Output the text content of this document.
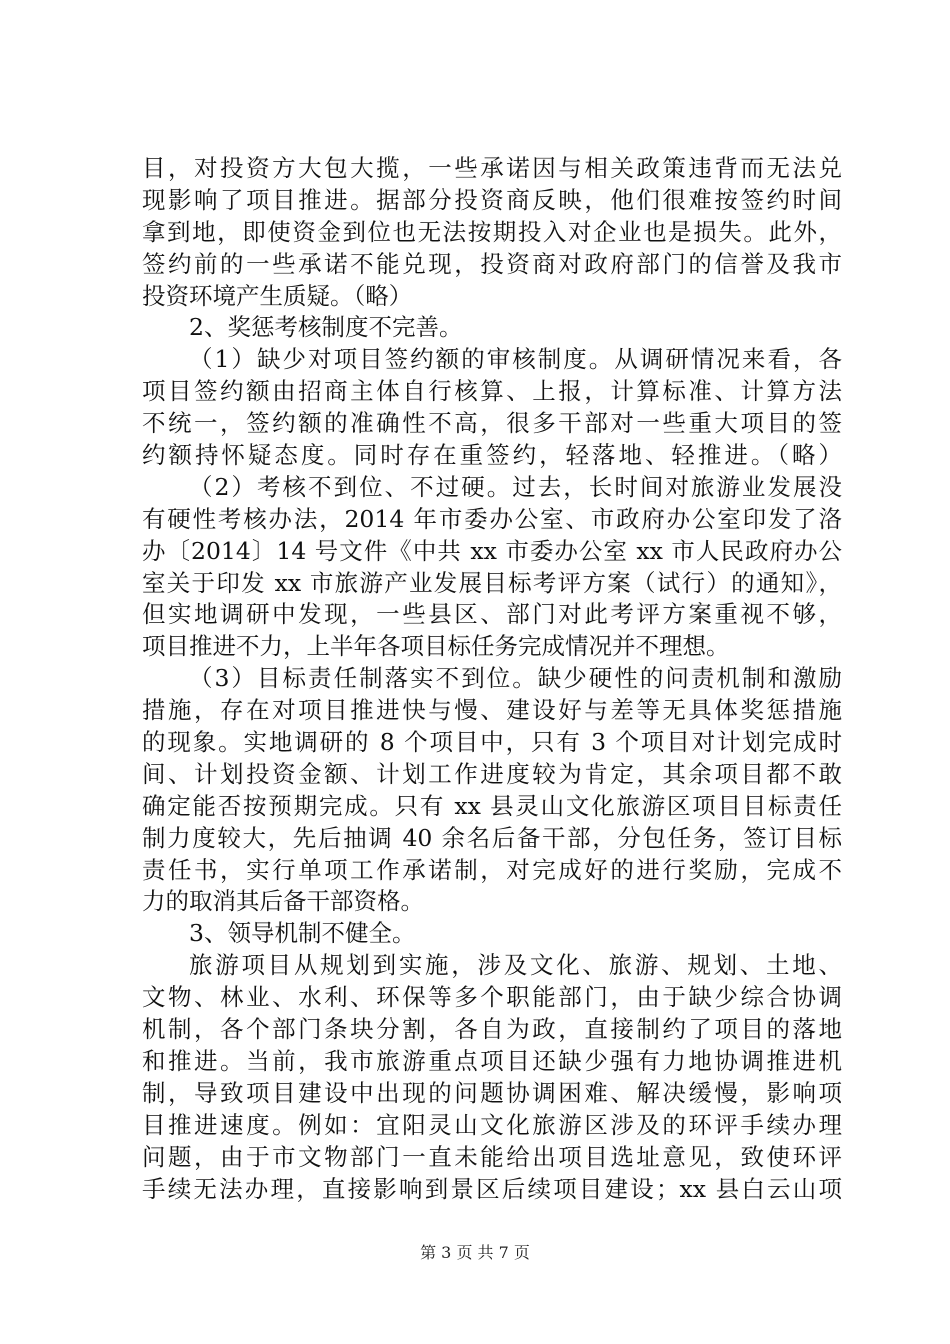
目，对投资方大包大揽，一些承诺因与相关政策违背而无法兑
现影响了项目推进。据部分投资商反映，他们很难按签约时间
拿到地，即使资金到位也无法按期投入对企业也是损失。此外，
签约前的一些承诺不能兑现，投资商对政府部门的信誉及我市
投资环境产生质疑。（略）
2、奖惩考核制度不完善。
（1）缺少对项目签约额的审核制度。从调研情况来看，各
项目签约额由招商主体自行核算、上报，计算标准、计算方法
不统一，签约额的准确性不高，很多干部对一些重大项目的签
约额持怀疑态度。同时存在重签约，轻落地、轻推进。（略）
（2）考核不到位、不过硬。过去，长时间对旅游业发展没
有硬性考核办法，2014 年市委办公室、市政府办公室印发了洛
办〔2014〕14 号文件《中共 xx 市委办公室 xx 市人民政府办公
室关于印发 xx 市旅游产业发展目标考评方案（试行）的通知》，
但实地调研中发现，一些县区、部门对此考评方案重视不够，
项目推进不力，上半年各项目标任务完成情况并不理想。
（3）目标责任制落实不到位。缺少硬性的问责机制和激励
措施，存在对项目推进快与慢、建设好与差等无具体奖惩措施
的现象。实地调研的 8 个项目中，只有 3 个项目对计划完成时
间、计划投资金额、计划工作进度较为肯定，其余项目都不敢
确定能否按预期完成。只有 xx 县灵山文化旅游区项目目标责任
制力度较大，先后抽调 40 余名后备干部，分包任务，签订目标
责任书，实行单项工作承诺制，对完成好的进行奖励，完成不
力的取消其后备干部资格。
3、领导机制不健全。
旅游项目从规划到实施，涉及文化、旅游、规划、土地、
文物、林业、水利、环保等多个职能部门，由于缺少综合协调
机制，各个部门条块分割，各自为政，直接制约了项目的落地
和推进。当前，我市旅游重点项目还缺少强有力地协调推进机
制，导致项目建设中出现的问题协调困难、解决缓慢，影响项
目推进速度。例如：宜阳灵山文化旅游区涉及的环评手续办理
问题，由于市文物部门一直未能给出项目选址意见，致使环评
手续无法办理，直接影响到景区后续项目建设；xx 县白云山项
第 3 页 共 7 页
